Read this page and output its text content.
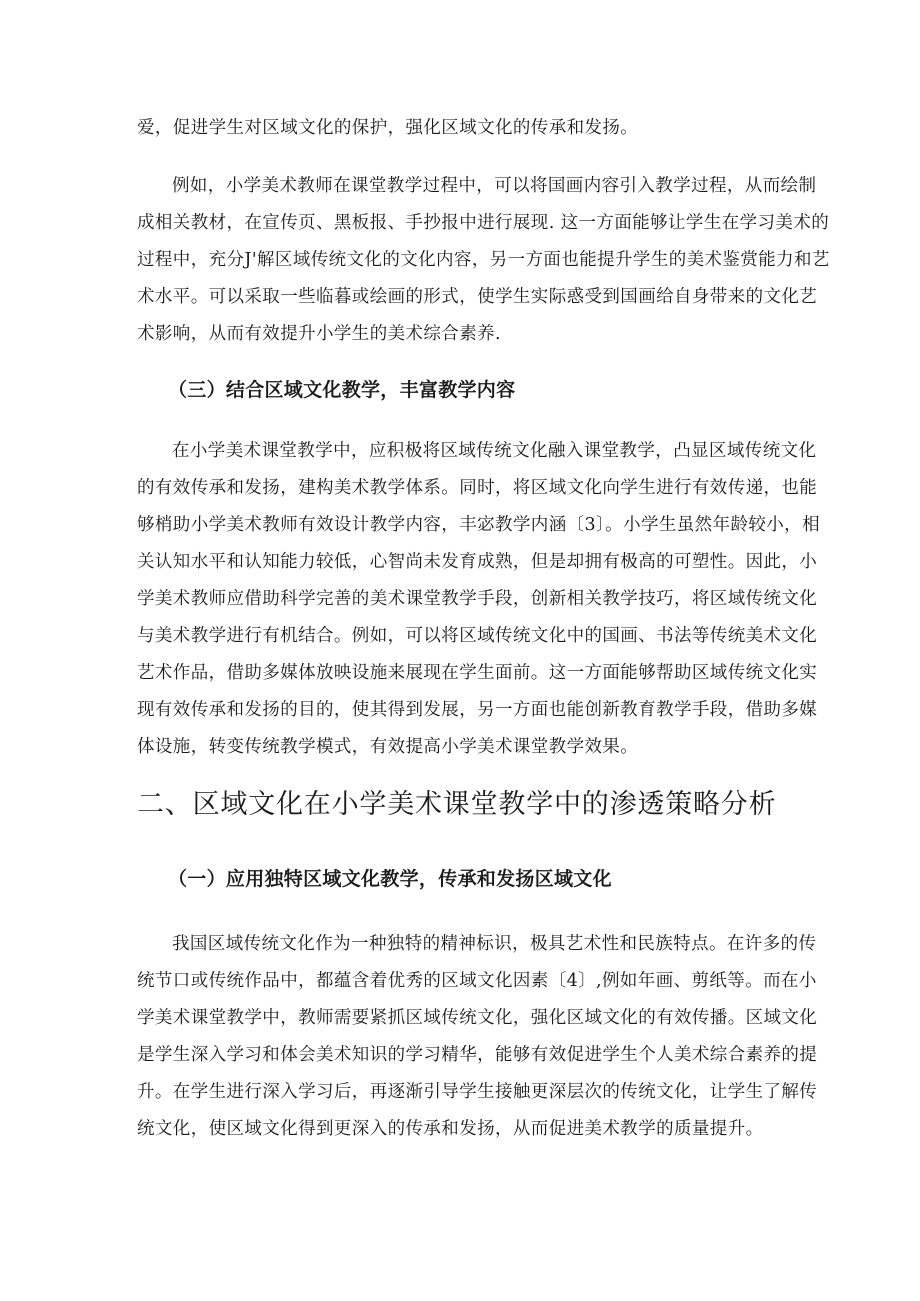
爱，促进学生对区域文化的保护，强化区域文化的传承和发扬。
例如，小学美术教师在课堂教学过程中，可以将国画内容引入教学过程，从而绘制
成相关教材，在宣传页、黑板报、手抄报中进行展现. 这一方面能够让学生在学习美术的
过程中，充分J'解区域传统文化的文化内容，另一方面也能提升学生的美术鉴赏能力和艺
术水平。可以采取一些临暮或绘画的形式，使学生实际惑受到国画给自身带来的文化艺
术影响，从而有效提升小学生的美术综合素养.
（三）结合区域文化教学，丰富教学内容
在小学美术课堂教学中，应积极将区域传统文化融入课堂教学，凸显区域传统文化
的有效传承和发扬，建构美术教学体系。同时，将区域文化向学生进行有效传递，也能
够梢助小学美术教师有效设计教学内容，丰宓教学内涵〔3〕。小学生虽然年龄较小，相
关认知水平和认知能力较低，心智尚未发育成熟，但是却拥有极高的可塑性。因此，小
学美术教师应借助科学完善的美术课堂教学手段，创新相关教学技巧，将区域传统文化
与美术教学进行有机结合。例如，可以将区域传统文化中的国画、书法等传统美术文化
艺术作品，借助多媒体放映设施来展现在学生面前。这一方面能够帮助区域传统文化实
现有效传承和发扬的目的，使其得到发展，另一方面也能创新教育教学手段，借助多媒
体设施，转变传统教学模式，有效提高小学美术课堂教学效果。
二、区域文化在小学美术课堂教学中的渗透策略分析
（一）应用独特区域文化教学，传承和发扬区域文化
我国区域传统文化作为一种独特的精神标识，极具艺术性和民族特点。在许多的传
统节口或传统作品中，都蕴含着优秀的区域文化因素〔4〕,例如年画、剪纸等。而在小
学美术课堂教学中，教师需要紧抓区域传统文化，强化区域文化的有效传播。区域文化
是学生深入学习和体会美术知识的学习精华，能够有效促进学生个人美术综合素养的提
升。在学生进行深入学习后，再逐渐引导学生接触更深层次的传统文化，让学生了解传
统文化，使区域文化得到更深入的传承和发扬，从而促进美术教学的质量提升。
